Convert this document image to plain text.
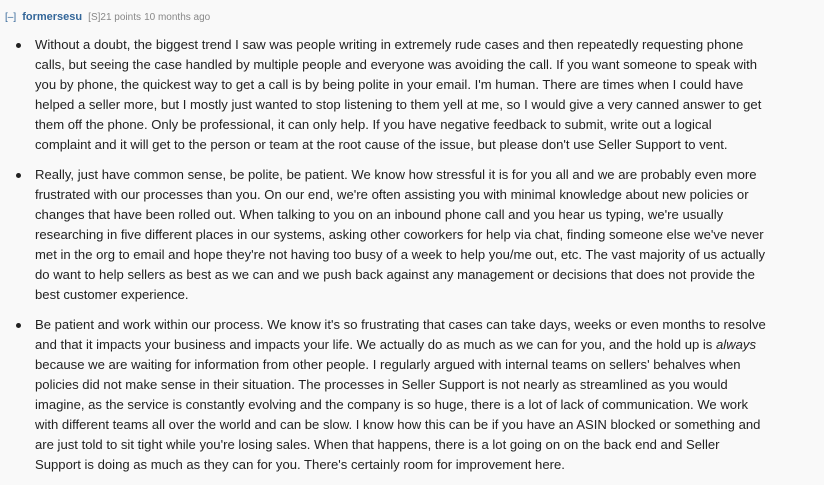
[–] formersesu [S]21 points 10 months ago
Without a doubt, the biggest trend I saw was people writing in extremely rude cases and then repeatedly requesting phone
calls, but seeing the case handled by multiple people and everyone was avoiding the call. If you want someone to speak with
you by phone, the quickest way to get a call is by being polite in your email. I'm human. There are times when I could have
helped a seller more, but I mostly just wanted to stop listening to them yell at me, so I would give a very canned answer to get
them off the phone. Only be professional, it can only help. If you have negative feedback to submit, write out a logical
complaint and it will get to the person or team at the root cause of the issue, but please don't use Seller Support to vent.
Really, just have common sense, be polite, be patient. We know how stressful it is for you all and we are probably even more
frustrated with our processes than you. On our end, we're often assisting you with minimal knowledge about new policies or
changes that have been rolled out. When talking to you on an inbound phone call and you hear us typing, we're usually
researching in five different places in our systems, asking other coworkers for help via chat, finding someone else we've never
met in the org to email and hope they're not having too busy of a week to help you/me out, etc. The vast majority of us actually
do want to help sellers as best as we can and we push back against any management or decisions that does not provide the
best customer experience.
Be patient and work within our process. We know it's so frustrating that cases can take days, weeks or even months to resolve
and that it impacts your business and impacts your life. We actually do as much as we can for you, and the hold up is always
because we are waiting for information from other people. I regularly argued with internal teams on sellers' behalves when
policies did not make sense in their situation. The processes in Seller Support is not nearly as streamlined as you would
imagine, as the service is constantly evolving and the company is so huge, there is a lot of lack of communication. We work
with different teams all over the world and can be slow. I know how this can be if you have an ASIN blocked or something and
are just told to sit tight while you're losing sales. When that happens, there is a lot going on on the back end and Seller
Support is doing as much as they can for you. There's certainly room for improvement here.
